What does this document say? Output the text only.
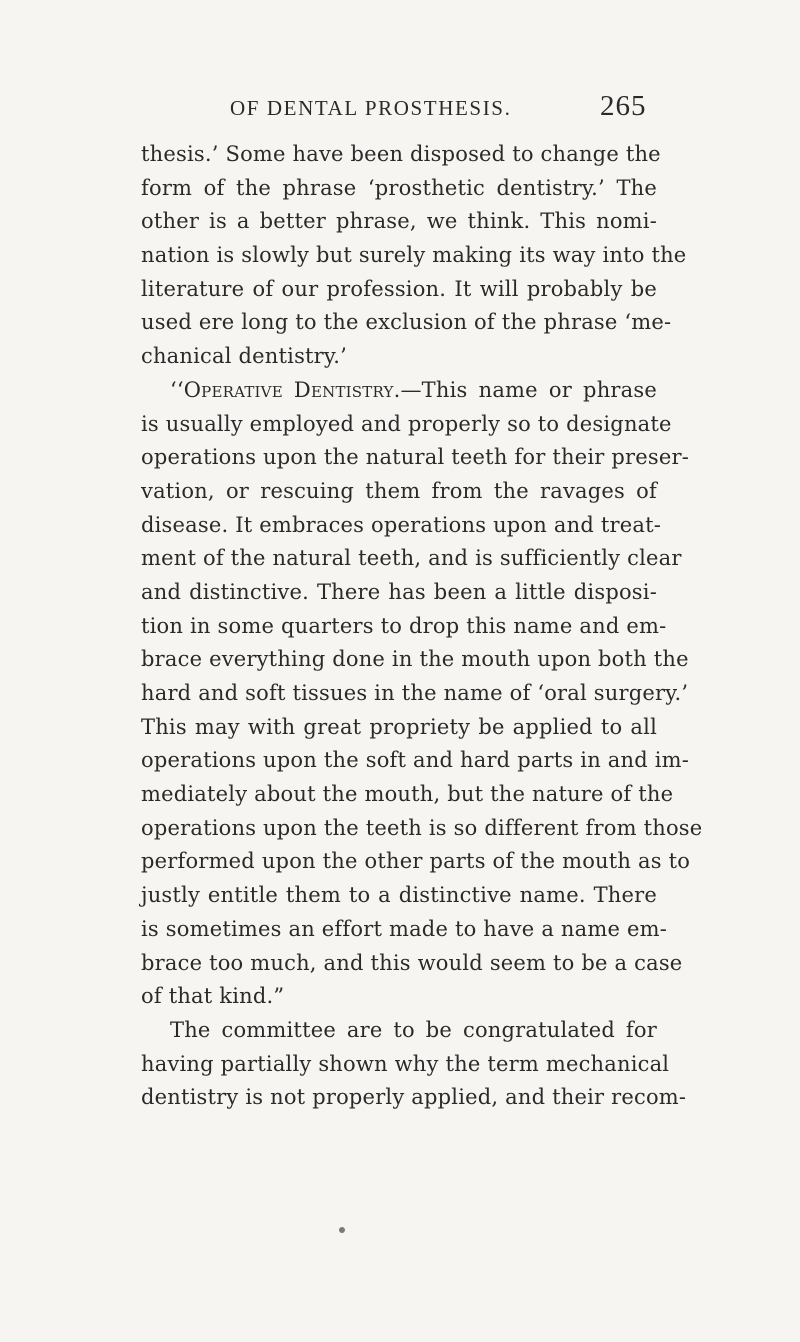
OF DENTAL PROSTHESIS.	265
thesis.’ Some have been disposed to change the
form of the phrase ‘prosthetic dentistry.’ The
other is a better phrase, we think. This nomi-
nation is slowly but surely making its way into the
literature of our profession. It will probably be
used ere long to the exclusion of the phrase ‘me-
chanical dentistry.’
‘‘Operative Dentistry.—This name or phrase
is usually employed and properly so to designate
operations upon the natural teeth for their preser-
vation, or rescuing them from the ravages of
disease. It embraces operations upon and treat-
ment of the natural teeth, and is sufficiently clear
and distinctive. There has been a little disposi-
tion in some quarters to drop this name and em-
brace everything done in the mouth upon both the
hard and soft tissues in the name of ‘oral surgery.’
This may with great propriety be applied to all
operations upon the soft and hard parts in and im-
mediately about the mouth, but the nature of the
operations upon the teeth is so different from those
performed upon the other parts of the mouth as to
justly entitle them to a distinctive name. There
is sometimes an effort made to have a name em-
brace too much, and this would seem to be a case
of that kind.”
The committee are to be congratulated for
having partially shown why the term mechanical
dentistry is not properly applied, and their recom-
